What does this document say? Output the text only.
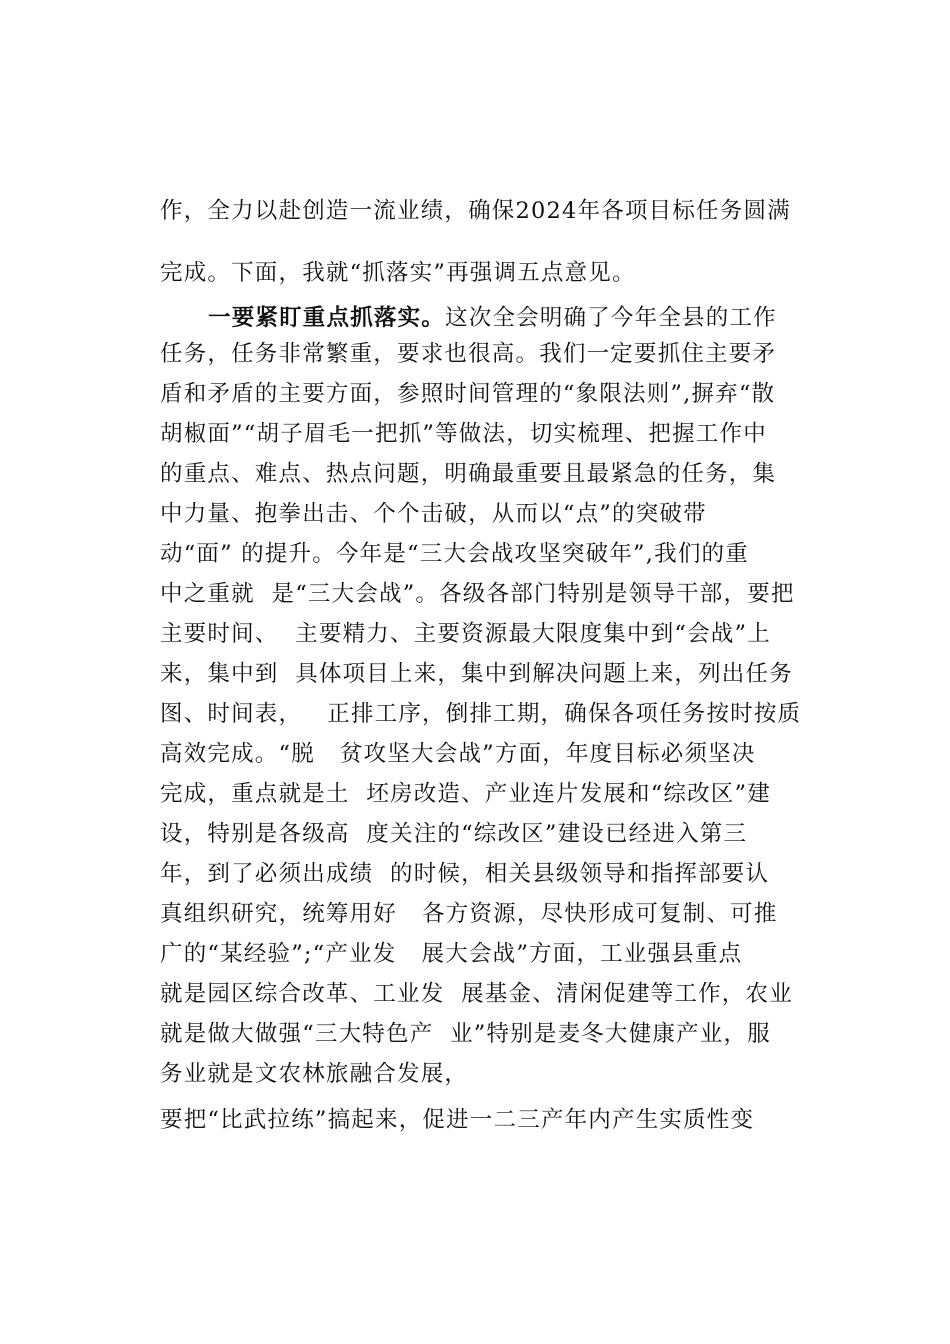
作，全力以赴创造一流业绩，确保2024年各项目标任务圆满
完成。下面，我就“抓落实”再强调五点意见。
一要紧盯重点抓落实。这次全会明确了今年全县的工作
任务，任务非常繁重，要求也很高。我们一定要抓住主要矛
盾和矛盾的主要方面，参照时间管理的“象限法则”,摒弃“散
胡椒面”“胡子眉毛一把抓”等做法，切实梳理、把握工作中
的重点、难点、热点问题，明确最重要且最紧急的任务，集
中力量、抱拳出击、个个击破，从而以“点”的突破带
动“面” 的提升。今年是“三大会战攻坚突破年”,我们的重
中之重就  是“三大会战”。各级各部门特别是领导干部，要把
主要时间、  主要精力、主要资源最大限度集中到“会战”上
来，集中到  具体项目上来，集中到解决问题上来，列出任务
图、时间表，   正排工序，倒排工期，确保各项任务按时按质
高效完成。“脱   贫攻坚大会战”方面，年度目标必须坚决
完成，重点就是土  坯房改造、产业连片发展和“综改区”建
设，特别是各级高  度关注的“综改区”建设已经进入第三
年，到了必须出成绩  的时候，相关县级领导和指挥部要认
真组织研究，统筹用好   各方资源，尽快形成可复制、可推
广的“某经验”;“产业发   展大会战”方面，工业强县重点
就是园区综合改革、工业发  展基金、清闲促建等工作，农业
就是做大做强“三大特色产  业”特别是麦冬大健康产业，服
务业就是文农林旅融合发展，
要把“比武拉练”搞起来，促进一二三产年内产生实质性变
